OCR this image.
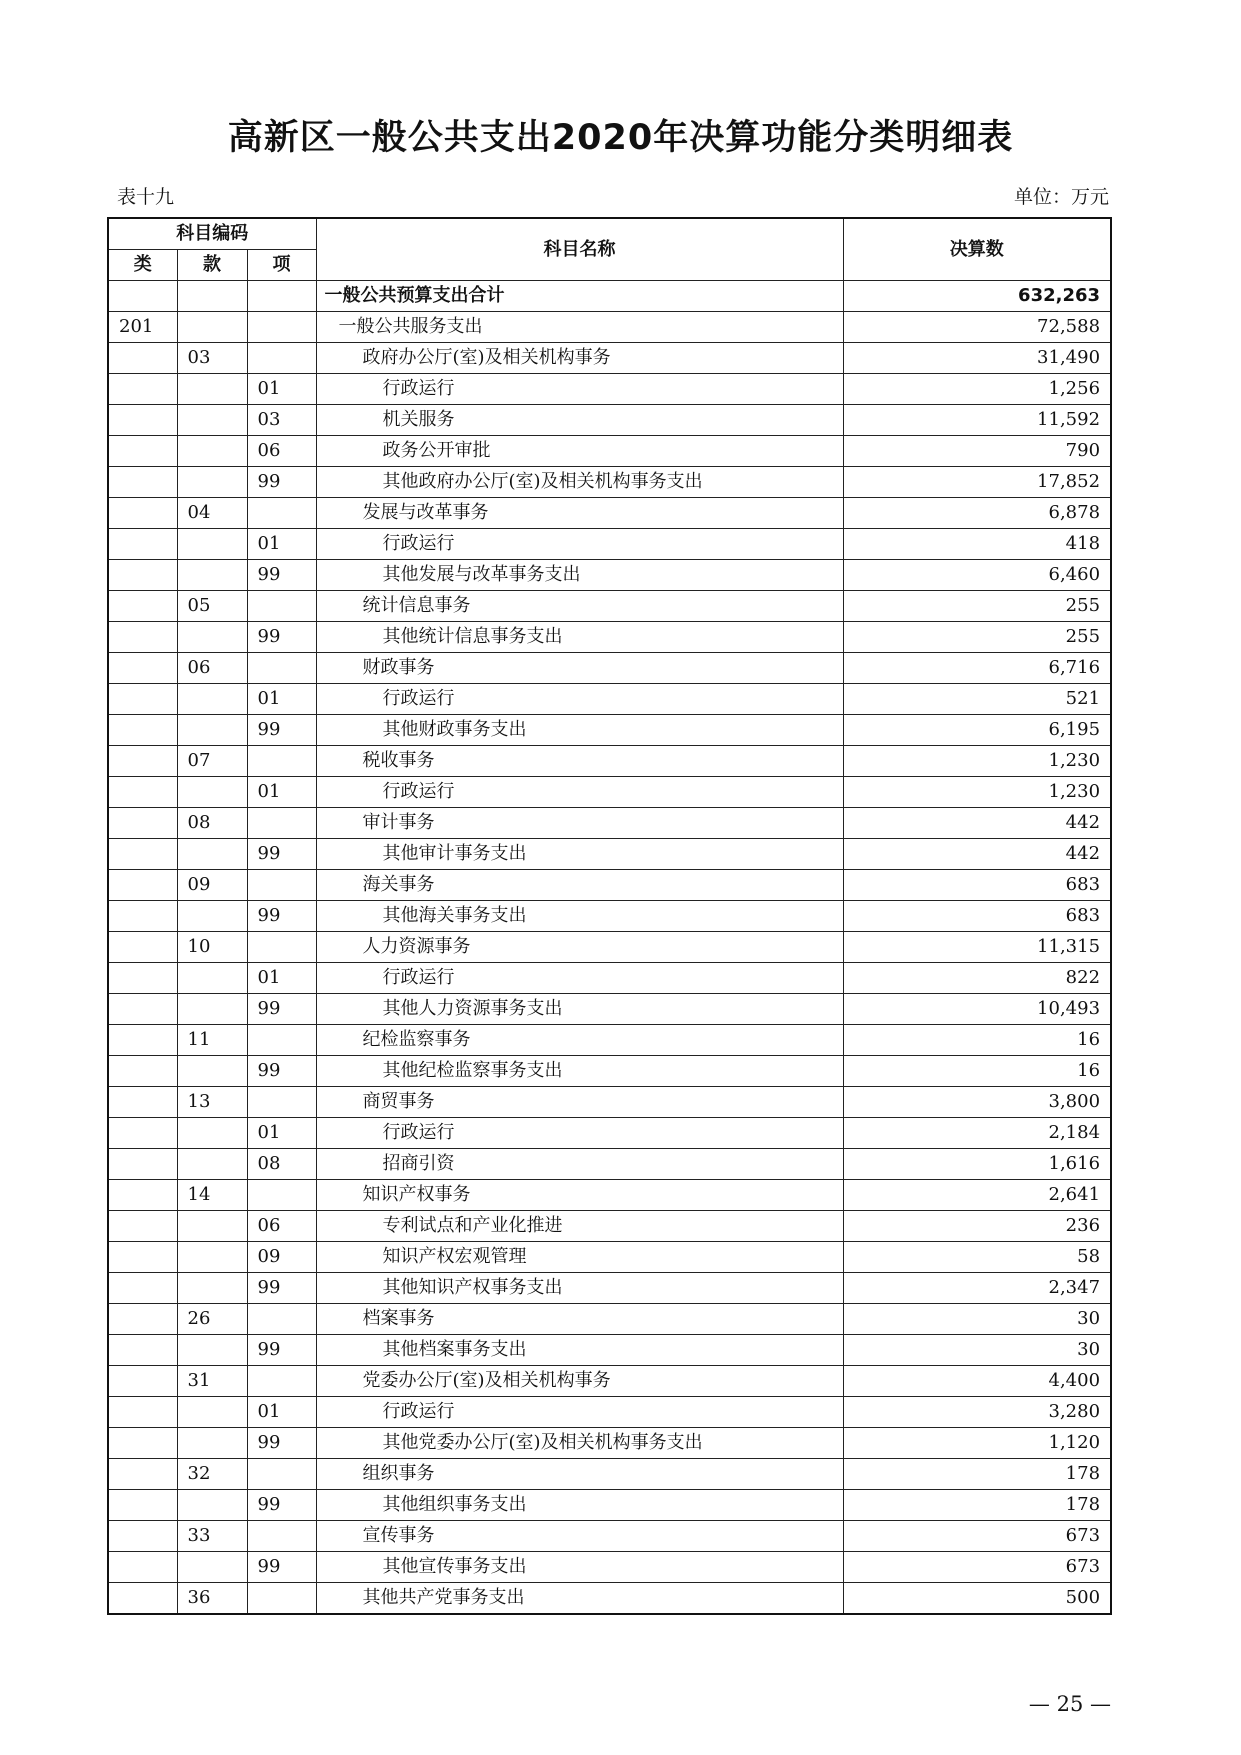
高新区一般公共支出2020年决算功能分类明细表
表十九	单位：万元
科目编码			科目名称	决算数
类	款	项		
			一般公共预算支出合计	632,263
201			一般公共服务支出	72,588
	03		政府办公厅(室)及相关机构事务	31,490
		01	行政运行	1,256
		03	机关服务	11,592
		06	政务公开审批	790
		99	其他政府办公厅(室)及相关机构事务支出	17,852
	04		发展与改革事务	6,878
		01	行政运行	418
		99	其他发展与改革事务支出	6,460
	05		统计信息事务	255
		99	其他统计信息事务支出	255
	06		财政事务	6,716
		01	行政运行	521
		99	其他财政事务支出	6,195
	07		税收事务	1,230
		01	行政运行	1,230
	08		审计事务	442
		99	其他审计事务支出	442
	09		海关事务	683
		99	其他海关事务支出	683
	10		人力资源事务	11,315
		01	行政运行	822
		99	其他人力资源事务支出	10,493
	11		纪检监察事务	16
		99	其他纪检监察事务支出	16
	13		商贸事务	3,800
		01	行政运行	2,184
		08	招商引资	1,616
	14		知识产权事务	2,641
		06	专利试点和产业化推进	236
		09	知识产权宏观管理	58
		99	其他知识产权事务支出	2,347
	26		档案事务	30
		99	其他档案事务支出	30
	31		党委办公厅(室)及相关机构事务	4,400
		01	行政运行	3,280
		99	其他党委办公厅(室)及相关机构事务支出	1,120
	32		组织事务	178
		99	其他组织事务支出	178
	33		宣传事务	673
		99	其他宣传事务支出	673
	36		其他共产党事务支出	500
— 25 —
